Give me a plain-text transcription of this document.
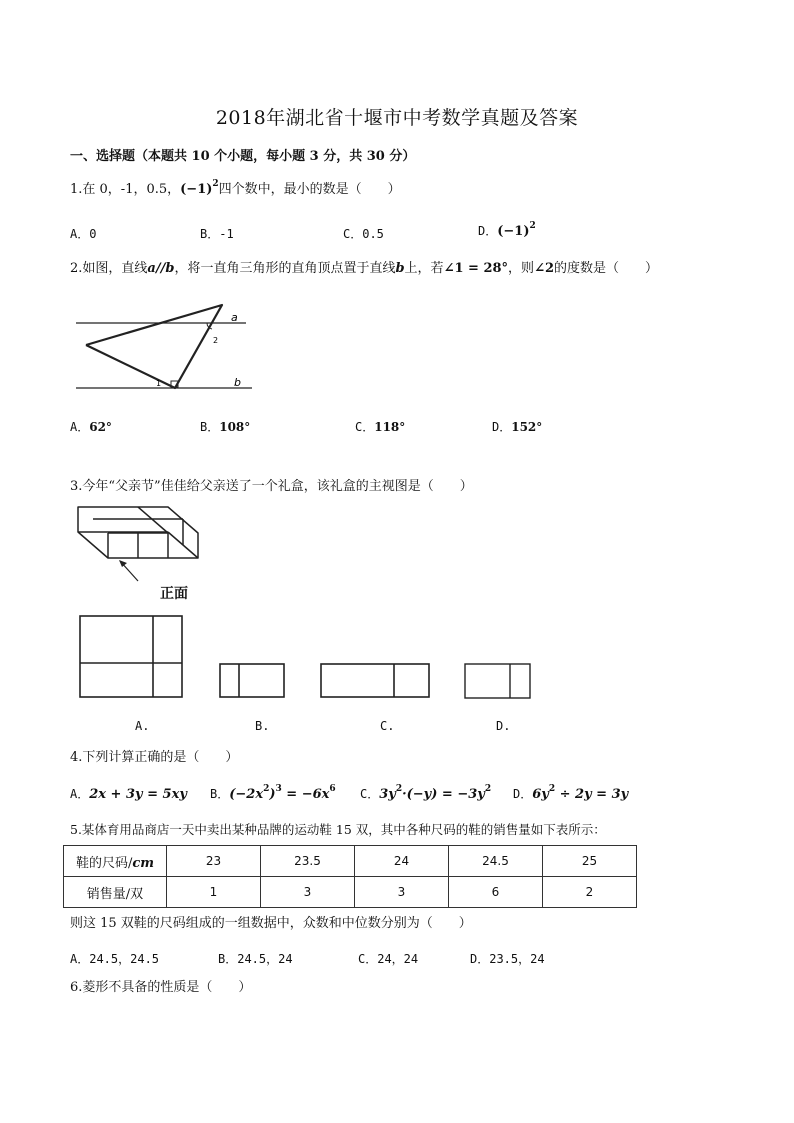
2018年湖北省十堰市中考数学真题及答案
一、选择题（本题共 10 个小题，每小题 3 分，共 30 分）
1.在 0，-1，0.5，$(-1)^2$四个数中，最小的数是（　　）
A．0	B．-1	C．0.5	D．$(-1)^2$
2.如图，直线a//b，将一直角三角形的直角顶点置于直线b上，若∠1 = 28°，则∠2的度数是（　　）
a
b
1
2
A．62°	B．108°	C．118°	D．152°
3.今年“父亲节”佳佳给父亲送了一个礼盒，该礼盒的主视图是（　　）
正面
A.	B.	C.	D.
4.下列计算正确的是（　　）
A．2x + 3y = 5xy B．$(-2x^2)^3 = -6x^6$ C．$3y^2\cdot(-y) = -3y^2$ D．$6y^2 \div 2y = 3y$
5.某体育用品商店一天中卖出某种品牌的运动鞋 15 双，其中各种尺码的鞋的销售量如下表所示：
鞋的尺码/cm	23	23.5	24	24.5	25
销售量/双	1	3	3	6	2
则这 15 双鞋的尺码组成的一组数据中，众数和中位数分别为（　　）
A．24.5，24.5	B．24.5，24	C．24，24	D．23.5，24
6.菱形不具备的性质是（　　）
